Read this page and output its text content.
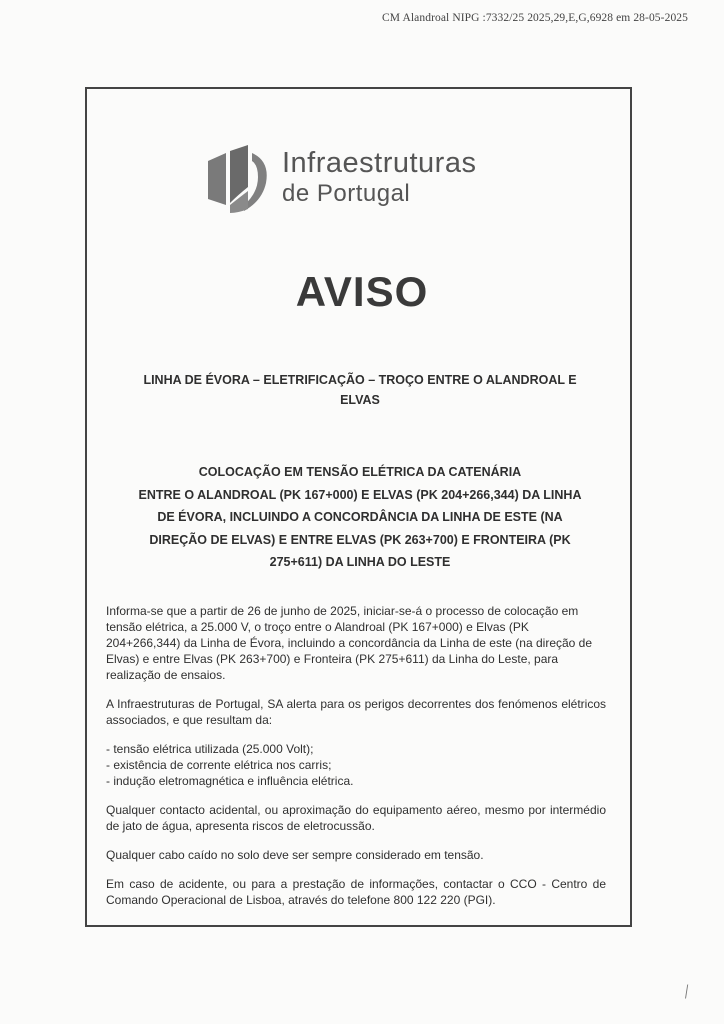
CM Alandroal NIPG :7332/25 2025,29,E,G,6928 em 28-05-2025
Infraestruturas
de Portugal
AVISO
LINHA DE ÉVORA – ELETRIFICAÇÃO – TROÇO ENTRE O ALANDROAL E ELVAS
COLOCAÇÃO EM TENSÃO ELÉTRICA DA CATENÁRIA
ENTRE O ALANDROAL (PK 167+000) E ELVAS (PK 204+266,344) DA LINHA
DE ÉVORA, INCLUINDO A CONCORDÂNCIA DA LINHA DE ESTE (NA
DIREÇÃO DE ELVAS) E ENTRE ELVAS (PK 263+700) E FRONTEIRA (PK
275+611) DA LINHA DO LESTE

Informa-se que a partir de 26 de junho de 2025, iniciar-se-á o processo de colocação em tensão elétrica, a 25.000 V, o troço entre o Alandroal (PK 167+000) e Elvas (PK 204+266,344) da Linha de Évora, incluindo a concordância da Linha de este (na direção de Elvas) e entre Elvas (PK 263+700) e Fronteira (PK 275+611) da Linha do Leste, para realização de ensaios.

A Infraestruturas de Portugal, SA alerta para os perigos decorrentes dos fenómenos elétricos associados, e que resultam da:

- tensão elétrica utilizada (25.000 Volt);
- existência de corrente elétrica nos carris;
- indução eletromagnética e influência elétrica.

Qualquer contacto acidental, ou aproximação do equipamento aéreo, mesmo por intermédio de jato de água, apresenta riscos de eletrocussão.

Qualquer cabo caído no solo deve ser sempre considerado em tensão.

Em caso de acidente, ou para a prestação de informações, contactar o CCO - Centro de Comando Operacional de Lisboa, através do telefone 800 122 220 (PGI).

/
